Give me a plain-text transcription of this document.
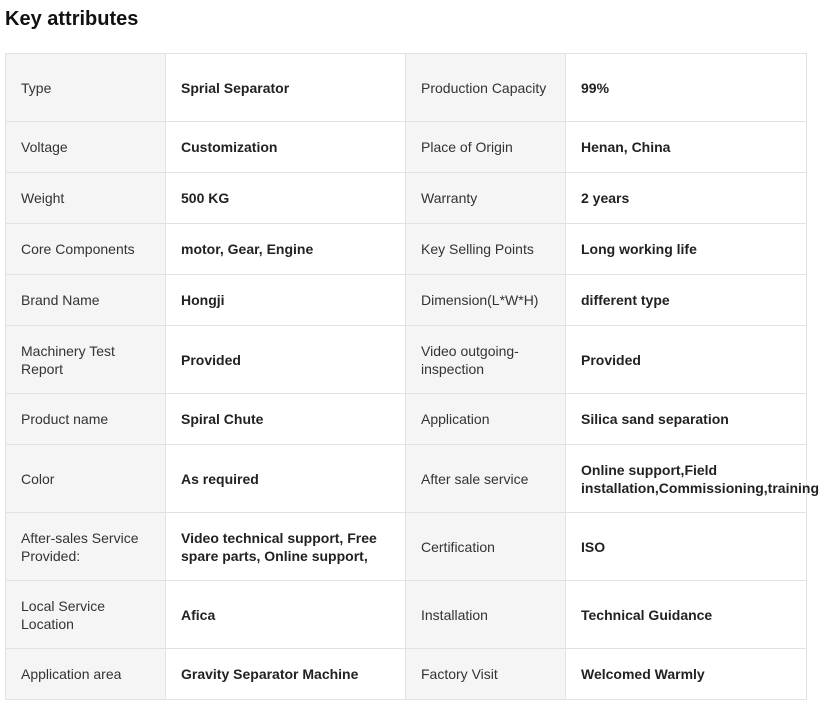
Key attributes
Type	Sprial Separator	Production Capacity	99%

Voltage	Customization	Place of Origin	Henan, China

Weight	500 KG	Warranty	2 years

Core Components	motor, Gear, Engine	Key Selling Points	Long working life

Brand Name	Hongji	Dimension(L*W*H)	different type

Machinery Test Report	Provided	Video outgoing-inspection	Provided

Product name	Spiral Chute	Application	Silica sand separation

Color	As required	After sale service	Online support,Field installation,Commissioning,training

After-sales Service Provided:	Video technical support, Free spare parts, Online support,	Certification	ISO

Local Service Location	Afica	Installation	Technical Guidance

Application area	Gravity Separator Machine	Factory Visit	Welcomed Warmly
